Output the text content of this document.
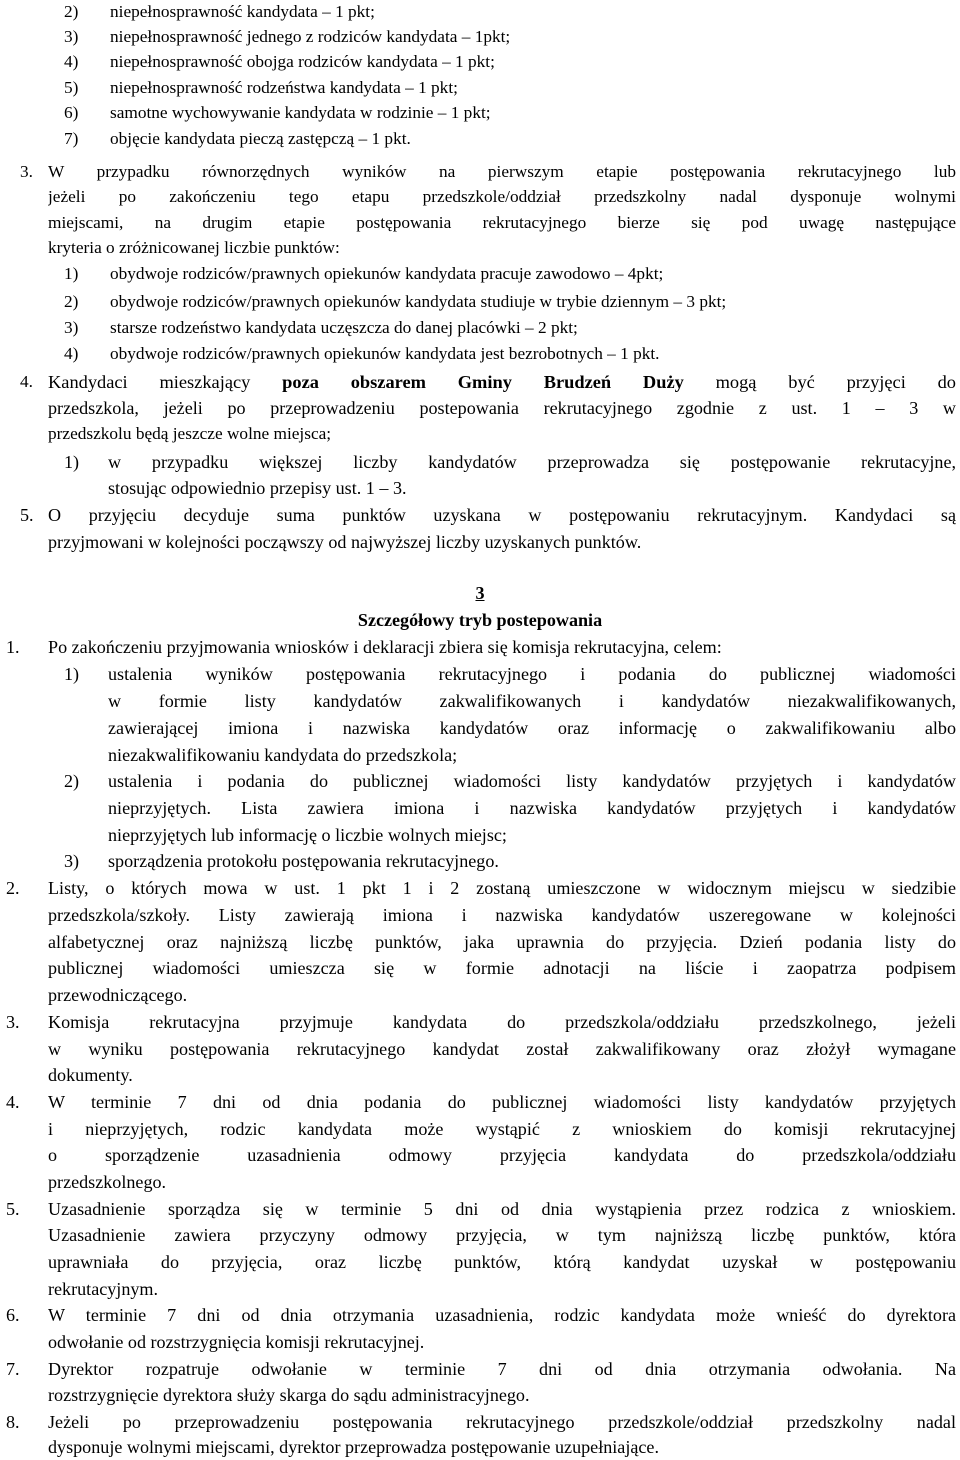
2) niepełnosprawność kandydata – 1 pkt;
3) niepełnosprawność jednego z rodziców kandydata – 1pkt;
4) niepełnosprawność obojga rodziców kandydata – 1 pkt;
5) niepełnosprawność rodzeństwa kandydata – 1 pkt;
6) samotne wychowywanie kandydata w rodzinie – 1 pkt;
7) objęcie kandydata pieczą zastępczą – 1 pkt.
3. W przypadku równorzędnych wyników na pierwszym etapie postępowania rekrutacyjnego lub
jeżeli po zakończeniu tego etapu przedszkole/oddział przedszkolny nadal dysponuje wolnymi
miejscami, na drugim etapie postępowania rekrutacyjnego bierze się pod uwagę następujące
kryteria o zróżnicowanej liczbie punktów:
1) obydwoje rodziców/prawnych opiekunów kandydata pracuje zawodowo – 4pkt;
2) obydwoje rodziców/prawnych opiekunów kandydata studiuje w trybie dziennym – 3 pkt;
3) starsze rodzeństwo kandydata uczęszcza do danej placówki – 2 pkt;
4) obydwoje rodziców/prawnych opiekunów kandydata jest bezrobotnych – 1 pkt.
4. Kandydaci mieszkający poza obszarem Gminy Brudzeń Duży mogą być przyjęci do
przedszkola, jeżeli po przeprowadzeniu postepowania rekrutacyjnego zgodnie z ust. 1 – 3 w
przedszkolu będą jeszcze wolne miejsca;
1) w przypadku większej liczby kandydatów przeprowadza się postępowanie rekrutacyjne,
stosując odpowiednio przepisy ust. 1 – 3.
5. O przyjęciu decyduje suma punktów uzyskana w postępowaniu rekrutacyjnym. Kandydaci są
przyjmowani w kolejności począwszy od najwyższej liczby uzyskanych punktów.
3
Szczegółowy tryb postepowania
1. Po zakończeniu przyjmowania wniosków i deklaracji zbiera się komisja rekrutacyjna, celem:
1) ustalenia wyników postępowania rekrutacyjnego i podania do publicznej wiadomości
w formie listy kandydatów zakwalifikowanych i kandydatów niezakwalifikowanych,
zawierającej imiona i nazwiska kandydatów oraz informację o zakwalifikowaniu albo
niezakwalifikowaniu kandydata do przedszkola;
2) ustalenia i podania do publicznej wiadomości listy kandydatów przyjętych i kandydatów
nieprzyjętych. Lista zawiera imiona i nazwiska kandydatów przyjętych i kandydatów
nieprzyjętych lub informację o liczbie wolnych miejsc;
3) sporządzenia protokołu postępowania rekrutacyjnego.
2. Listy, o których mowa w ust. 1 pkt 1 i 2 zostaną umieszczone w widocznym miejscu w siedzibie
przedszkola/szkoły. Listy zawierają imiona i nazwiska kandydatów uszeregowane w kolejności
alfabetycznej oraz najniższą liczbę punktów, jaka uprawnia do przyjęcia. Dzień podania listy do
publicznej wiadomości umieszcza się w formie adnotacji na liście i zaopatrza podpisem
przewodniczącego.
3. Komisja rekrutacyjna przyjmuje kandydata do przedszkola/oddziału przedszkolnego, jeżeli
w wyniku postępowania rekrutacyjnego kandydat został zakwalifikowany oraz złożył wymagane
dokumenty.
4. W terminie 7 dni od dnia podania do publicznej wiadomości listy kandydatów przyjętych
i nieprzyjętych, rodzic kandydata może wystąpić z wnioskiem do komisji rekrutacyjnej
o sporządzenie uzasadnienia odmowy przyjęcia kandydata do przedszkola/oddziału
przedszkolnego.
5. Uzasadnienie sporządza się w terminie 5 dni od dnia wystąpienia przez rodzica z wnioskiem.
Uzasadnienie zawiera przyczyny odmowy przyjęcia, w tym najniższą liczbę punktów, która
uprawniała do przyjęcia, oraz liczbę punktów, którą kandydat uzyskał w postępowaniu
rekrutacyjnym.
6. W terminie 7 dni od dnia otrzymania uzasadnienia, rodzic kandydata może wnieść do dyrektora
odwołanie od rozstrzygnięcia komisji rekrutacyjnej.
7. Dyrektor rozpatruje odwołanie w terminie 7 dni od dnia otrzymania odwołania. Na
rozstrzygnięcie dyrektora służy skarga do sądu administracyjnego.
8. Jeżeli po przeprowadzeniu postępowania rekrutacyjnego przedszkole/oddział przedszkolny nadal
dysponuje wolnymi miejscami, dyrektor przeprowadza postępowanie uzupełniające.
